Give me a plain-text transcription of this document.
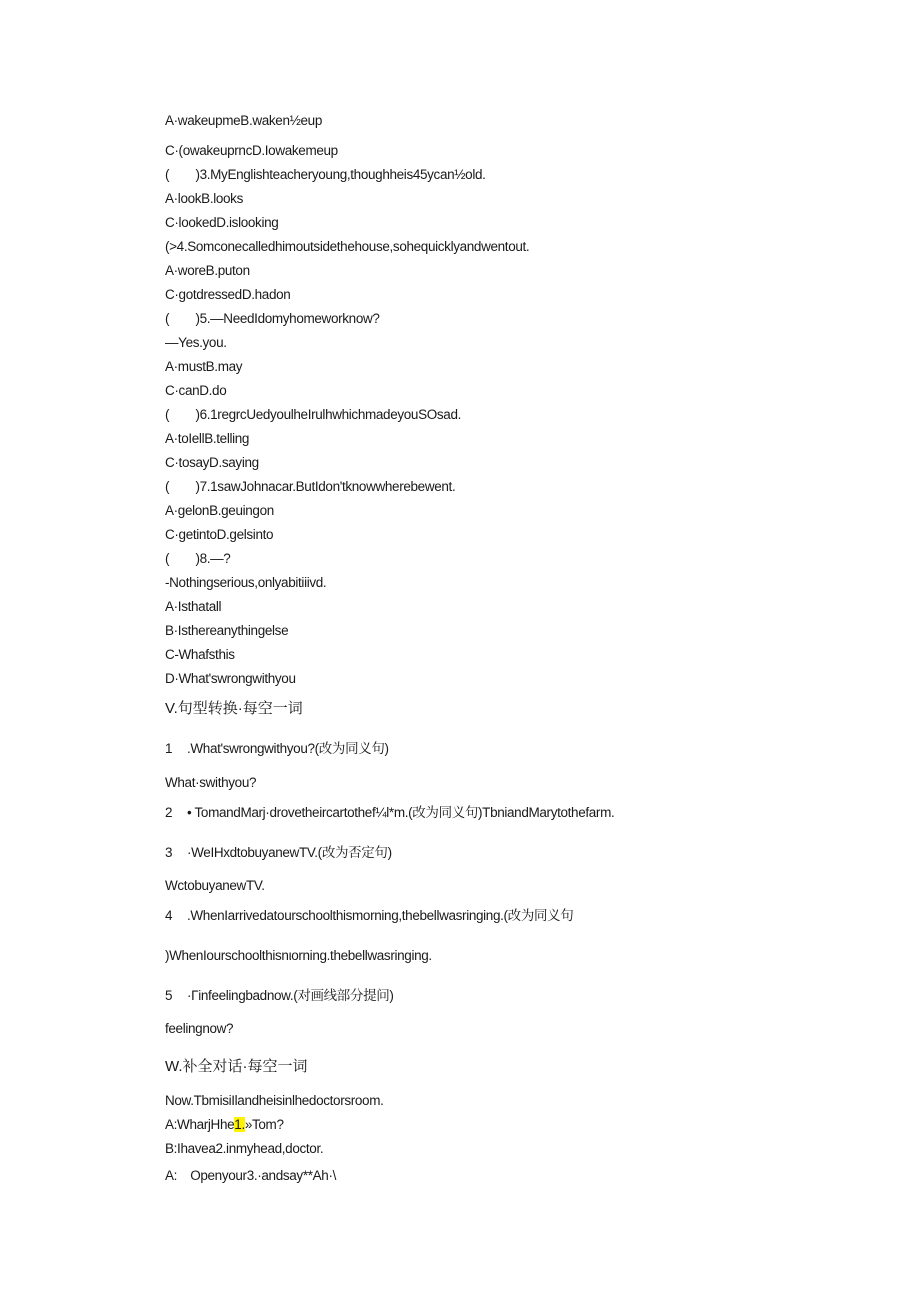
A·wakeupmeB.waken½eup
C·(owakeuprncD.Iowakemeup
(　　)3.MyEnglishteacheryoung,thoughheis45ycan½old.
A·lookB.looks
C·lookedD.islooking
(>4.Somconecalledhimoutsidethehouse,sohequicklyandwentout.
A·woreB.puton
C·gotdressedD.hadon
(　　)5.—NeedIdomyhomeworknow?
—Yes.you.
A·mustB.may
C·canD.do
(　　)6.1regrcUedyoulheIrulhwhichmadeyouSOsad.
A·toIellB.telling
C·tosayD.saying
(　　)7.1sawJohnacar.ButIdon'tknowwherebewent.
A·gelonB.geuingon
C·getintoD.gelsinto
(　　)8.—?
-Nothingserious,onlyabitiiivd.
A·Isthatall
B·Isthereanythingelse
C-Whafsthis
D·What'swrongwithyou
V.句型转换·每空一词
1 .What'swrongwithyou?(改为同义句)
What·swithyou?
2 • TomandMarj·drovetheircartothef¼l*m.(改为同义句)TbniandMarytothefarm.
3 ·WeIHxdtobuyanewTV.(改为否定句)
WctobuyanewTV.
4 .WhenIarrivedatourschoolthismorning,thebellwasringing.(改为同义句
)WhenIourschoolthisnιorning.thebellwasringing.
5 ·Γinfeelingbadnow.(对画线部分提问)
feelingnow?
W.补全对话·每空一词
Now.TbmisiIlandheisinlhedoctorsroom.
A:WharjHhe1.»Tom?
B:Ihavea2.inmyhead,doctor.
A:　Openyour3.·andsay**Ah·\
